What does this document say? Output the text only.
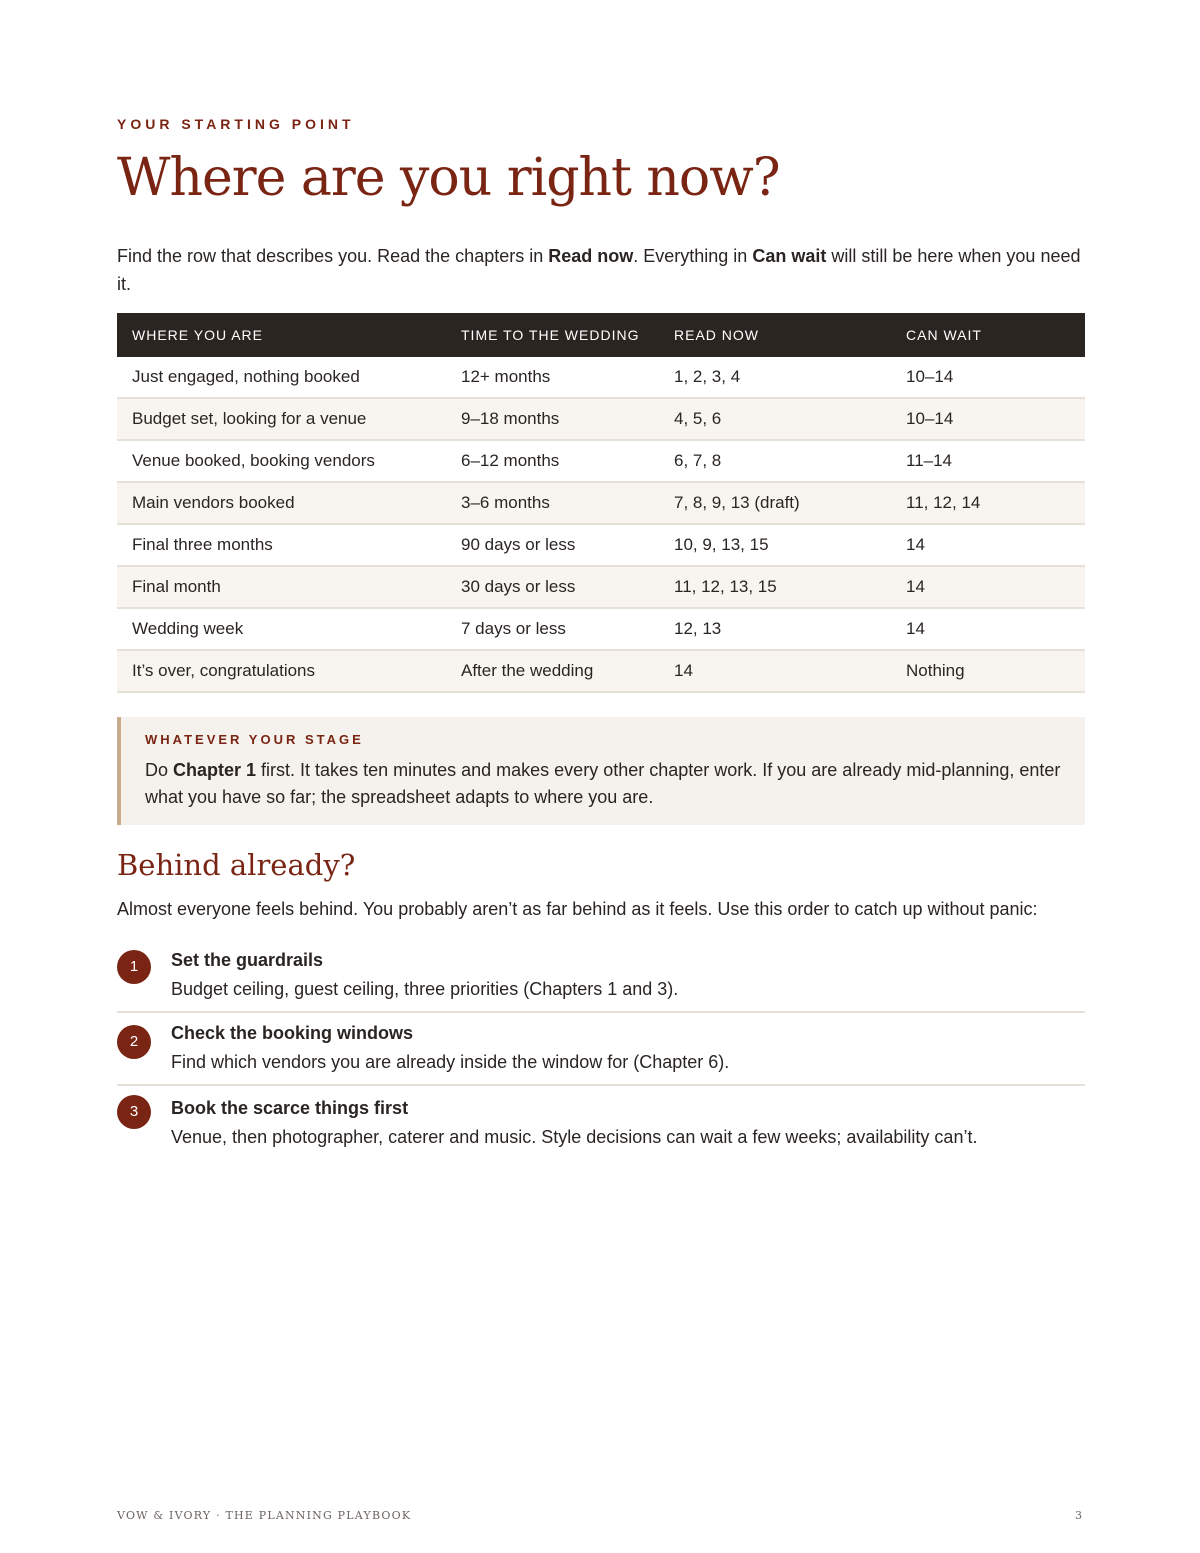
YOUR STARTING POINT
Where are you right now?

Find the row that describes you. Read the chapters in Read now. Everything in Can wait will still be here when you need it.

WHERE YOU ARE	TIME TO THE WEDDING	READ NOW	CAN WAIT
Just engaged, nothing booked	12+ months	1, 2, 3, 4	10–14
Budget set, looking for a venue	9–18 months	4, 5, 6	10–14
Venue booked, booking vendors	6–12 months	6, 7, 8	11–14
Main vendors booked	3–6 months	7, 8, 9, 13 (draft)	11, 12, 14
Final three months	90 days or less	10, 9, 13, 15	14
Final month	30 days or less	11, 12, 13, 15	14
Wedding week	7 days or less	12, 13	14
It’s over, congratulations	After the wedding	14	Nothing
WHATEVER YOUR STAGE

Do Chapter 1 first. It takes ten minutes and makes every other chapter work. If you are already mid-planning, enter what you have so far; the spreadsheet adapts to where you are.

Behind already?

Almost everyone feels behind. You probably aren’t as far behind as it feels. Use this order to catch up without panic:

1	Set the guardrails
Budget ceiling, guest ceiling, three priorities (Chapters 1 and 3).
2	Check the booking windows
Find which vendors you are already inside the window for (Chapter 6).
3	Book the scarce things first
Venue, then photographer, caterer and music. Style decisions can wait a few weeks; availability can’t.
VOW & IVORY · THE PLANNING PLAYBOOK	3
